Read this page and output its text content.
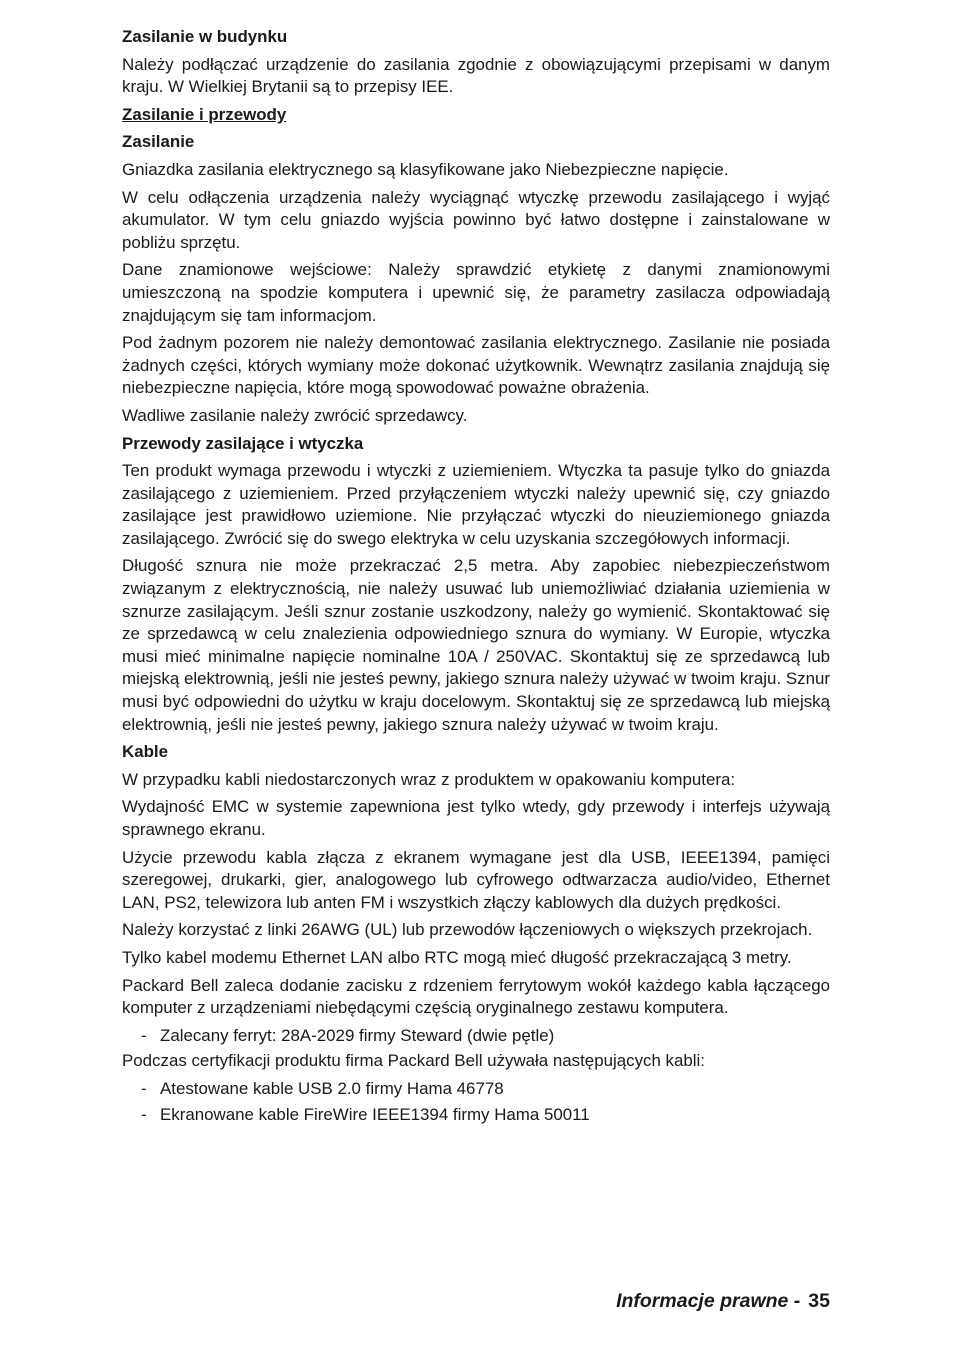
Zasilanie w budynku
Należy podłączać urządzenie do zasilania zgodnie z obowiązującymi przepisami w danym kraju. W Wielkiej Brytanii są to przepisy IEE.
Zasilanie i przewody
Zasilanie
Gniazdka zasilania elektrycznego są klasyfikowane jako Niebezpieczne napięcie.
W celu odłączenia urządzenia należy wyciągnąć wtyczkę przewodu zasilającego i wyjąć akumulator. W tym celu gniazdo wyjścia powinno być łatwo dostępne i zainstalowane w pobliżu sprzętu.
Dane znamionowe wejściowe: Należy sprawdzić etykietę z danymi znamionowymi umieszczoną na spodzie komputera i upewnić się, że parametry zasilacza odpowiadają znajdującym się tam informacjom.
Pod żadnym pozorem nie należy demontować zasilania elektrycznego. Zasilanie nie posiada żadnych części, których wymiany może dokonać użytkownik. Wewnątrz zasilania znajdują się niebezpieczne napięcia, które mogą spowodować poważne obrażenia.
Wadliwe zasilanie należy zwrócić sprzedawcy.
Przewody zasilające i wtyczka
Ten produkt wymaga przewodu i wtyczki z uziemieniem. Wtyczka ta pasuje tylko do gniazda zasilającego z uziemieniem. Przed przyłączeniem wtyczki należy upewnić się, czy gniazdo zasilające jest prawidłowo uziemione. Nie przyłączać wtyczki do nieuziemionego gniazda zasilającego. Zwrócić się do swego elektryka w celu uzyskania szczegółowych informacji.
Długość sznura nie może przekraczać 2,5 metra. Aby zapobiec niebezpieczeństwom związanym z elektrycznością, nie należy usuwać lub uniemożliwiać działania uziemienia w sznurze zasilającym. Jeśli sznur zostanie uszkodzony, należy go wymienić. Skontaktować się ze sprzedawcą w celu znalezienia odpowiedniego sznura do wymiany. W Europie, wtyczka musi mieć minimalne napięcie nominalne 10A / 250VAC. Skontaktuj się ze sprzedawcą lub miejską elektrownią, jeśli nie jesteś pewny, jakiego sznura należy używać w twoim kraju. Sznur musi być odpowiedni do użytku w kraju docelowym. Skontaktuj się ze sprzedawcą lub miejską elektrownią, jeśli nie jesteś pewny, jakiego sznura należy używać w twoim kraju.
Kable
W przypadku kabli niedostarczonych wraz z produktem w opakowaniu komputera:
Wydajność EMC w systemie zapewniona jest tylko wtedy, gdy przewody i interfejs używają sprawnego ekranu.
Użycie przewodu kabla złącza z ekranem wymagane jest dla USB, IEEE1394, pamięci szeregowej, drukarki, gier, analogowego lub cyfrowego odtwarzacza audio/video, Ethernet LAN, PS2, telewizora lub anten FM i wszystkich złączy kablowych dla dużych prędkości.
Należy korzystać z linki 26AWG (UL) lub przewodów łączeniowych o większych przekrojach.
Tylko kabel modemu Ethernet LAN albo RTC mogą mieć długość przekraczającą 3 metry.
Packard Bell zaleca dodanie zacisku z rdzeniem ferrytowym wokół każdego kabla łączącego komputer z urządzeniami niebędącymi częścią oryginalnego zestawu komputera.
- Zalecany ferryt: 28A-2029 firmy Steward (dwie pętle)
Podczas certyfikacji produktu firma Packard Bell używała następujących kabli:
- Atestowane kable USB 2.0 firmy Hama 46778
- Ekranowane kable FireWire IEEE1394 firmy Hama 50011
Informacje prawne - 35
